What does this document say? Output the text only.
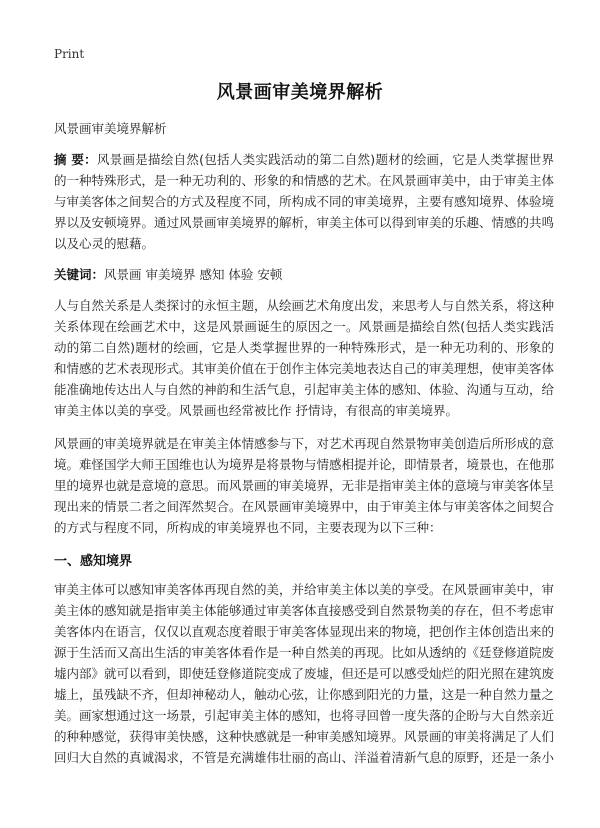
Print
风景画审美境界解析

风景画审美境界解析

摘 要：风景画是描绘自然(包括人类实践活动的第二自然)题材的绘画，它是人类掌握世界的一种特殊形式，是一种无功利的、形象的和情感的艺术。在风景画审美中，由于审美主体与审美客体之间契合的方式及程度不同，所构成不同的审美境界，主要有感知境界、体验境界以及安顿境界。通过风景画审美境界的解析，审美主体可以得到审美的乐趣、情感的共鸣以及心灵的慰藉。

关键词：风景画 审美境界 感知 体验 安顿

人与自然关系是人类探讨的永恒主题，从绘画艺术角度出发，来思考人与自然关系，将这种关系体现在绘画艺术中，这是风景画诞生的原因之一。风景画是描绘自然(包括人类实践活动的第二自然)题材的绘画，它是人类掌握世界的一种特殊形式，是一种无功利的、形象的和情感的艺术表现形式。其审美价值在于创作主体完美地表达自己的审美理想，使审美客体能准确地传达出人与自然的神韵和生活气息，引起审美主体的感知、体验、沟通与互动，给审美主体以美的享受。风景画也经常被比作 抒情诗，有很高的审美境界。

风景画的审美境界就是在审美主体情感参与下，对艺术再现自然景物审美创造后所形成的意境。难怪国学大师王国维也认为境界是将景物与情感相提并论，即情景者，境景也，在他那里的境界也就是意境的意思。而风景画的审美境界，无非是指审美主体的意境与审美客体呈现出来的情景二者之间浑然契合。在风景画审美境界中，由于审美主体与审美客体之间契合的方式与程度不同，所构成的审美境界也不同，主要表现为以下三种：

一、感知境界

审美主体可以感知审美客体再现自然的美，并给审美主体以美的享受。在风景画审美中，审美主体的感知就是指审美主体能够通过审美客体直接感受到自然景物美的存在，但不考虑审美客体内在语言，仅仅以直观态度着眼于审美客体显现出来的物境，把创作主体创造出来的源于生活而又高出生活的审美客体看作是一种自然美的再现。比如从透纳的《廷登修道院废墟内部》就可以看到，即使廷登修道院变成了废墟，但还是可以感受灿烂的阳光照在建筑废墟上，虽残缺不齐，但却神秘动人，触动心弦，让你感到阳光的力量，这是一种自然力量之美。画家想通过这一场景，引起审美主体的感知，也将寻回曾一度失落的企盼与大自然亲近的种种感觉，获得审美快感，这种快感就是一种审美感知境界。风景画的审美将满足了人们回归大自然的真诚渴求，不管是充满雄伟壮丽的高山、洋溢着清新气息的原野，还是一条小
